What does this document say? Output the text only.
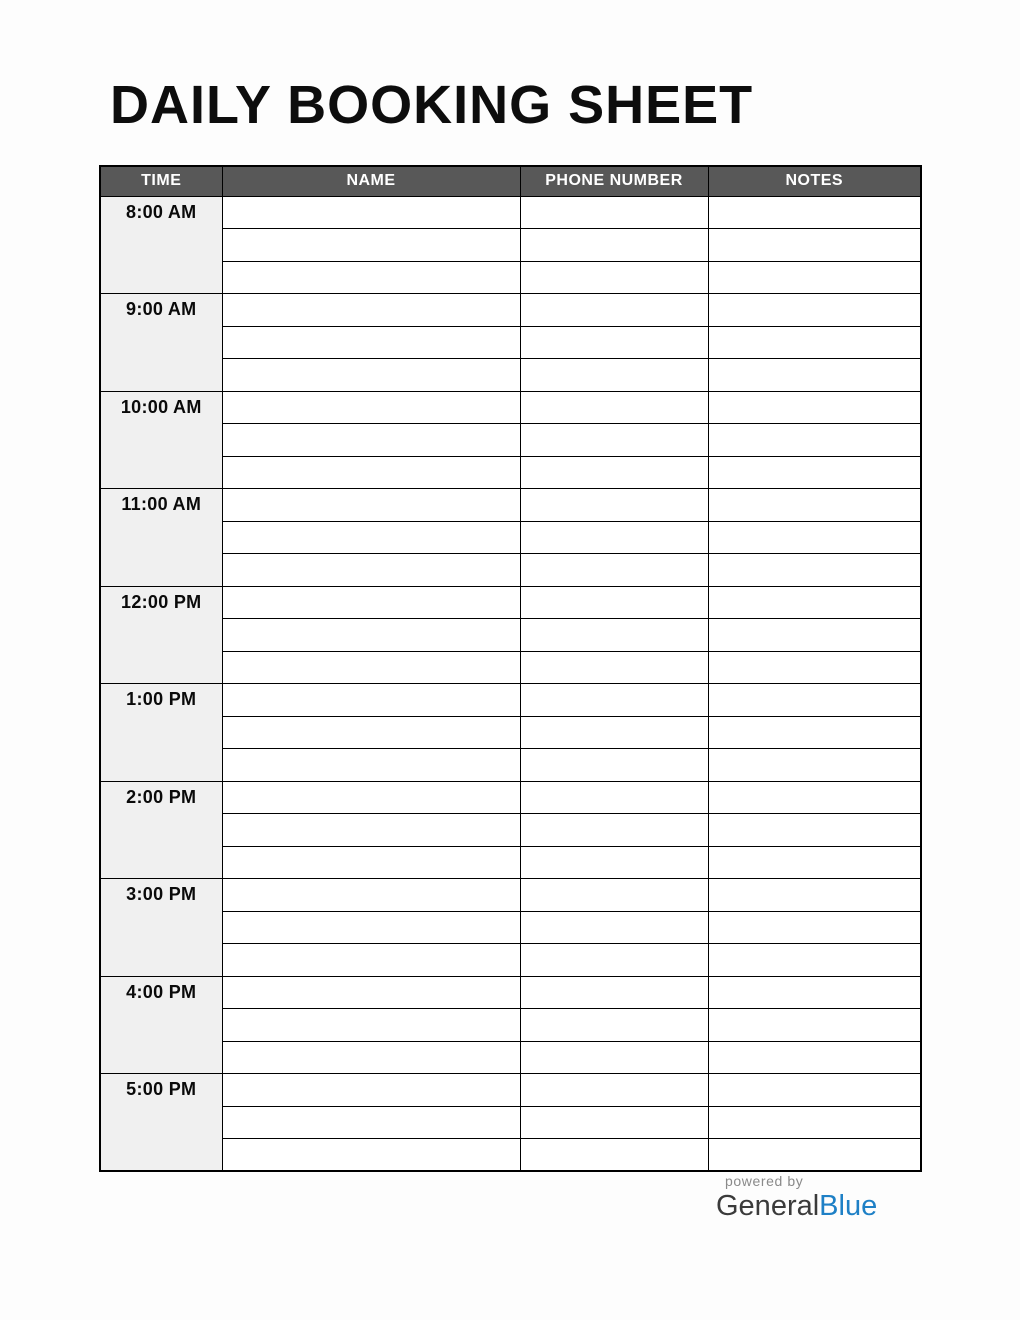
DAILY BOOKING SHEET
TIME	NAME	PHONE NUMBER	NOTES
8:00 AM			

9:00 AM			

10:00 AM			

11:00 AM			

12:00 PM			

1:00 PM			

2:00 PM			

3:00 PM			

4:00 PM			

5:00 PM			

powered by
GeneralBlue
